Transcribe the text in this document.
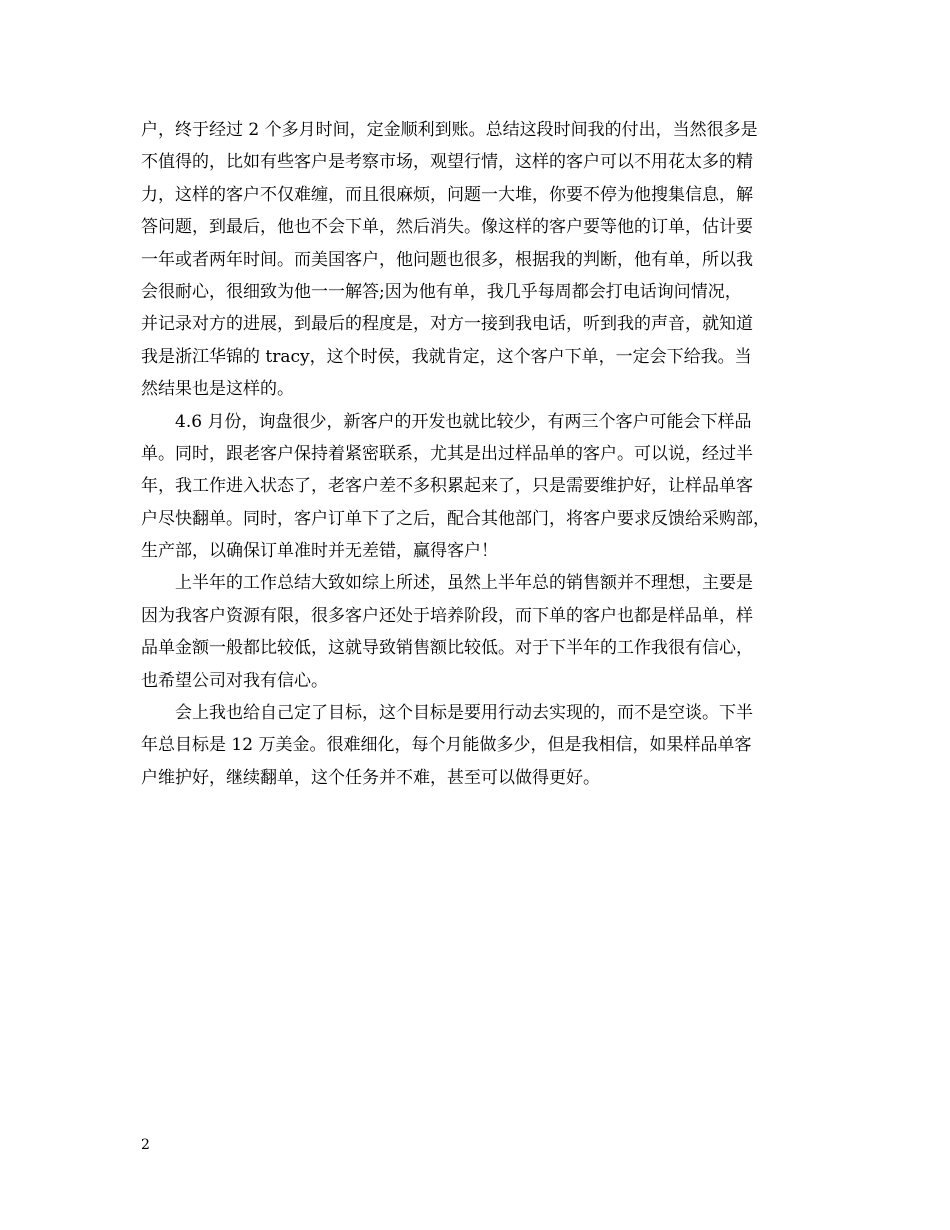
户，终于经过 2 个多月时间，定金顺利到账。总结这段时间我的付出，当然很多是
不值得的，比如有些客户是考察市场，观望行情，这样的客户可以不用花太多的精
力，这样的客户不仅难缠，而且很麻烦，问题一大堆，你要不停为他搜集信息，解
答问题，到最后，他也不会下单，然后消失。像这样的客户要等他的订单，估计要
一年或者两年时间。而美国客户，他问题也很多，根据我的判断，他有单，所以我
会很耐心，很细致为他一一解答;因为他有单，我几乎每周都会打电话询问情况，
并记录对方的进展，到最后的程度是，对方一接到我电话，听到我的声音，就知道
我是浙江华锦的 tracy，这个时侯，我就肯定，这个客户下单，一定会下给我。当
然结果也是这样的。
　　4.6 月份，询盘很少，新客户的开发也就比较少，有两三个客户可能会下样品
单。同时，跟老客户保持着紧密联系，尤其是出过样品单的客户。可以说，经过半
年，我工作进入状态了，老客户差不多积累起来了，只是需要维护好，让样品单客
户尽快翻单。同时，客户订单下了之后，配合其他部门，将客户要求反馈给采购部，
生产部，以确保订单准时并无差错，赢得客户！
　　上半年的工作总结大致如综上所述，虽然上半年总的销售额并不理想，主要是
因为我客户资源有限，很多客户还处于培养阶段，而下单的客户也都是样品单，样
品单金额一般都比较低，这就导致销售额比较低。对于下半年的工作我很有信心，
也希望公司对我有信心。
　　会上我也给自己定了目标，这个目标是要用行动去实现的，而不是空谈。下半
年总目标是 12 万美金。很难细化，每个月能做多少，但是我相信，如果样品单客
户维护好，继续翻单，这个任务并不难，甚至可以做得更好。
2
